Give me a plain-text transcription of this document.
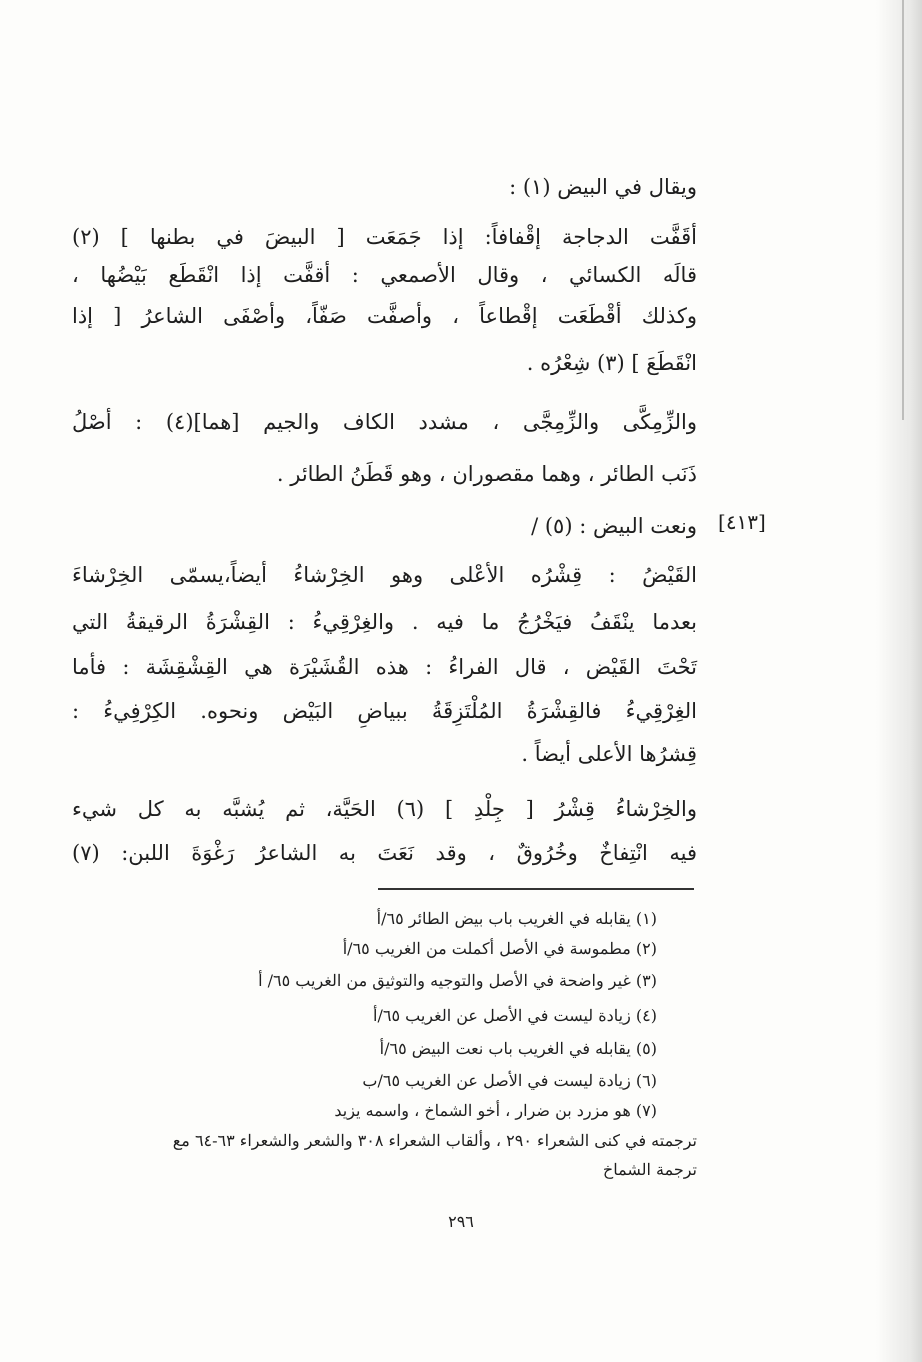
ويقال في البيض (١) :

أقَفَّت الدجاجة إقْفافاً: إذا جَمَعَت [ البيضَ في بطنها ] (٢)

قالَه الكسائي ، وقال الأصمعي : أقفَّت إذا انْقَطَع بَيْضُها ،

وكذلك أقْطَعَت إقْطاعاً ، وأصفَّت صَفّاً، وأصْفَى الشاعرُ [ إذا

انْقَطَعَ ] (٣) شِعْرُه .

والزِّمِكَّى والزِّمِجَّى ، مشدد الكاف والجيم [هما](٤) : أصْلُ

ذَنَب الطائر ، وهما مقصوران ، وهو قَطَنُ الطائر .

ونعت البيض : (٥) /

القَيْضُ : قِشْرُه الأعْلى وهو الخِرْشاءُ أيضاً،يسمّى الخِرْشاءَ

بعدما ينْقَفُ فيَخْرُجُ ما فيه . والغِرْقِيءُ : القِشْرَةُ الرقيقةُ التي

تَحْتَ القَيْض ، قال الفراءُ : هذه القُشَيْرَة هي القِشْقِشَة : فأما

الغِرْقِيءُ فالقِشْرَةُ المُلْتَزِقَةُ ببياضِ البَيْض ونحوه. الكِرْفِيءُ :

قِشرُها الأعلى أيضاً .

والخِرْشاءُ قِشْرُ [ جِلْدِ ] (٦) الحَيَّة، ثم يُشبَّه به كل شيء

فيه انْتِفاخٌ وخُرُوقٌ ، وقد نَعَتَ به الشاعرُ رَغْوَةَ اللبن: (٧)

(١) يقابله في الغريب باب بيض الطائر ٦٥/أ

(٢) مطموسة في الأصل أكملت من الغريب ٦٥/أ

(٣) غير واضحة في الأصل والتوجيه والتوثيق من الغريب ٦٥/ أ

(٤) زيادة ليست في الأصل عن الغريب ٦٥/أ

(٥) يقابله في الغريب باب نعت البيض ٦٥/أ

(٦) زيادة ليست في الأصل عن الغريب ٦٥/ب

(٧) هو مزرد بن ضرار ، أخو الشماخ ، واسمه يزيد

ترجمته في كنى الشعراء ٢٩٠ ، وألقاب الشعراء ٣٠٨ والشعر والشعراء ٦٣-٦٤ مع

ترجمة الشماخ

[٤١٣]
٢٩٦
